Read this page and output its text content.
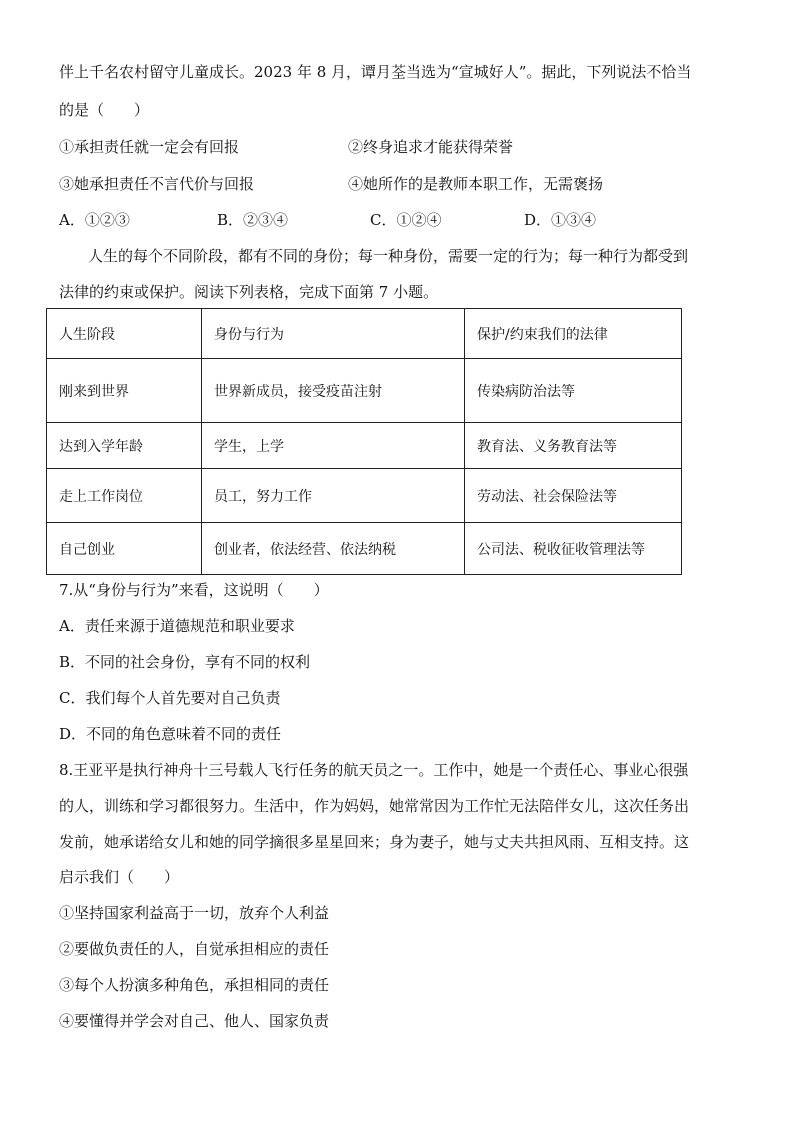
伴上千名农村留守儿童成长。2023 年 8 月，谭月荃当选为“宣城好人”。据此，下列说法不恰当
的是（　　）
①承担责任就一定会有回报	②终身追求才能获得荣誉
③她承担责任不言代价与回报	④她所作的是教师本职工作，无需褒扬
A．①②③	B．②③④	C．①②④	D．①③④
人生的每个不同阶段，都有不同的身份；每一种身份，需要一定的行为；每一种行为都受到
法律的约束或保护。阅读下列表格，完成下面第 7 小题。
人生阶段	身份与行为	保护/约束我们的法律
刚来到世界	世界新成员，接受疫苗注射	传染病防治法等
达到入学年龄	学生，上学	教育法、义务教育法等
走上工作岗位	员工，努力工作	劳动法、社会保险法等
自己创业	创业者，依法经营、依法纳税	公司法、税收征收管理法等
7.从“身份与行为”来看，这说明（　　）
A．责任来源于道德规范和职业要求
B．不同的社会身份，享有不同的权利
C．我们每个人首先要对自己负责
D．不同的角色意味着不同的责任
8.王亚平是执行神舟十三号载人飞行任务的航天员之一。工作中，她是一个责任心、事业心很强
的人，训练和学习都很努力。生活中，作为妈妈，她常常因为工作忙无法陪伴女儿，这次任务出
发前，她承诺给女儿和她的同学摘很多星星回来；身为妻子，她与丈夫共担风雨、互相支持。这
启示我们（　　）
①坚持国家利益高于一切，放弃个人利益
②要做负责任的人，自觉承担相应的责任
③每个人扮演多种角色，承担相同的责任
④要懂得并学会对自己、他人、国家负责
